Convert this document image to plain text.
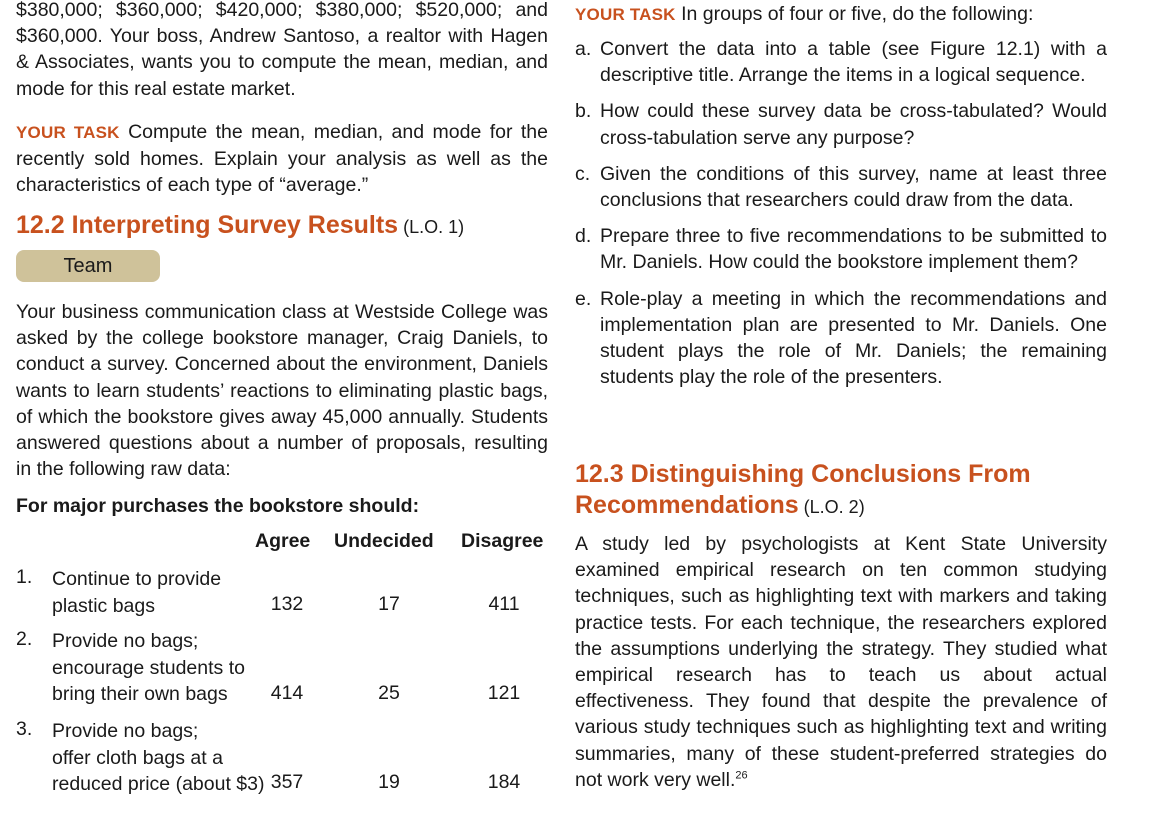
$380,000; $360,000; $420,000; $380,000; $520,000; and $360,000. Your boss, Andrew Santoso, a realtor with Hagen & Associates, wants you to compute the mean, median, and mode for this real estate market.

YOUR TASK Compute the mean, median, and mode for the recently sold homes. Explain your analysis as well as the characteristics of each type of “average.”

12.2 Interpreting Survey Results (L.O. 1)
Team

Your business communication class at Westside College was asked by the college bookstore manager, Craig Daniels, to conduct a survey. Concerned about the environment, Daniels wants to learn students’ reactions to eliminating plastic bags, of which the bookstore gives away 45,000 annually. Students answered questions about a number of proposals, resulting in the following raw data:

For major purchases the bookstore should:
Agree Undecided Disagree
1. Continue to provide
plastic bags	132	17	411
2. Provide no bags;
encourage students to
bring their own bags	414	25	121
3. Provide no bags;
offer cloth bags at a
reduced price (about $3) 357	19	184

YOUR TASK In groups of four or five, do the following:

a. Convert the data into a table (see Figure 12.1) with a descriptive title. Arrange the items in a logical sequence.
b. How could these survey data be cross-tabulated? Would cross-tabulation serve any purpose?
c. Given the conditions of this survey, name at least three conclusions that researchers could draw from the data.
d. Prepare three to five recommendations to be submitted to Mr. Daniels. How could the bookstore implement them?
e. Role-play a meeting in which the recommendations and implementation plan are presented to Mr. Daniels. One student plays the role of Mr. Daniels; the remaining students play the role of the presenters.
12.3 Distinguishing Conclusions From
Recommendations (L.O. 2)

A study led by psychologists at Kent State University examined empirical research on ten common studying techniques, such as highlighting text with markers and taking practice tests. For each technique, the researchers explored the assumptions underlying the strategy. They studied what empirical research has to teach us about actual effectiveness. They found that despite the prevalence of various study techniques such as highlighting text and writing summaries, many of these student-preferred strategies do not work very well.$^{26}$
